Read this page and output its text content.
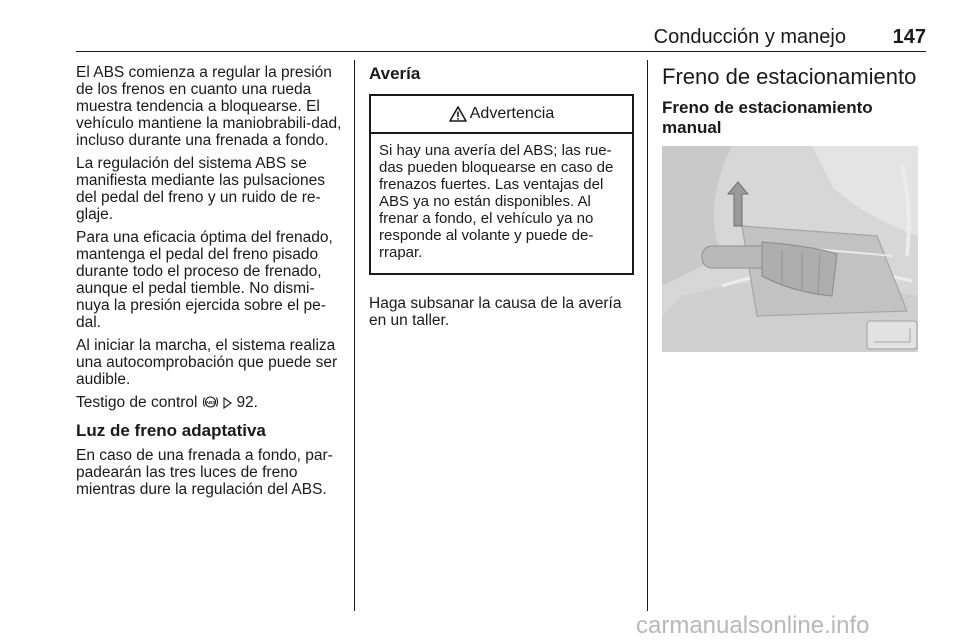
Conducción y manejo 147

El ABS comienza a regular la presión de los frenos en cuanto una rueda muestra tendencia a bloquearse. El vehículo mantiene la maniobrabili-dad, incluso durante una frenada a fondo.

La regulación del sistema ABS se manifiesta mediante las pulsaciones del pedal del freno y un ruido de re-glaje.

Para una eficacia óptima del frenado, mantenga el pedal del freno pisado durante todo el proceso de frenado, aunque el pedal tiemble. No dismi-nuya la presión ejercida sobre el pe-dal.

Al iniciar la marcha, el sistema realiza una autocomprobación que puede ser audible.

Testigo de control ABS 92.

Luz de freno adaptativa

En caso de una frenada a fondo, par-padearán las tres luces de freno mientras dure la regulación del ABS.

Avería
Advertencia

Si hay una avería del ABS; las rue-das pueden bloquearse en caso de frenazos fuertes. Las ventajas del ABS ya no están disponibles. Al frenar a fondo, el vehículo ya no responde al volante y puede de-rrapar.

Haga subsanar la causa de la avería en un taller.

Freno de estacionamiento
Freno de estacionamiento manual
carmanualsonline.info
